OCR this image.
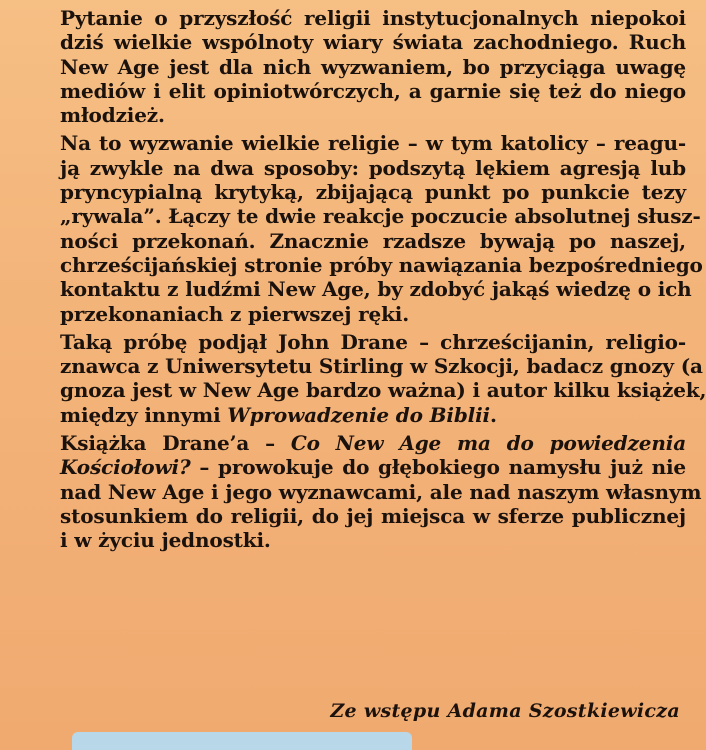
Pytanie o przyszłość religii instytucjonalnych niepokoi
dziś wielkie wspólnoty wiary świata zachodniego. Ruch
New Age jest dla nich wyzwaniem, bo przyciąga uwagę
mediów i elit opiniotwórczych, a garnie się też do niego
młodzież.

Na to wyzwanie wielkie religie – w tym katolicy – reagu-
ją zwykle na dwa sposoby: podszytą lękiem agresją lub
pryncypialną krytyką, zbijającą punkt po punkcie tezy
„rywala”. Łączy te dwie reakcje poczucie absolutnej słusz-
ności przekonań. Znacznie rzadsze bywają po naszej,
chrześcijańskiej stronie próby nawiązania bezpośredniego
kontaktu z ludźmi New Age, by zdobyć jakąś wiedzę o ich
przekonaniach z pierwszej ręki.

Taką próbę podjął John Drane – chrześcijanin, religio-
znawca z Uniwersytetu Stirling w Szkocji, badacz gnozy (a
gnoza jest w New Age bardzo ważna) i autor kilku książek,
między innymi Wprowadzenie do Biblii.

Książka Drane’a – Co New Age ma do powiedzenia
Kościołowi? – prowokuje do głębokiego namysłu już nie
nad New Age i jego wyznawcami, ale nad naszym własnym
stosunkiem do religii, do jej miejsca w sferze publicznej
i w życiu jednostki.

Ze wstępu Adama Szostkiewicza
